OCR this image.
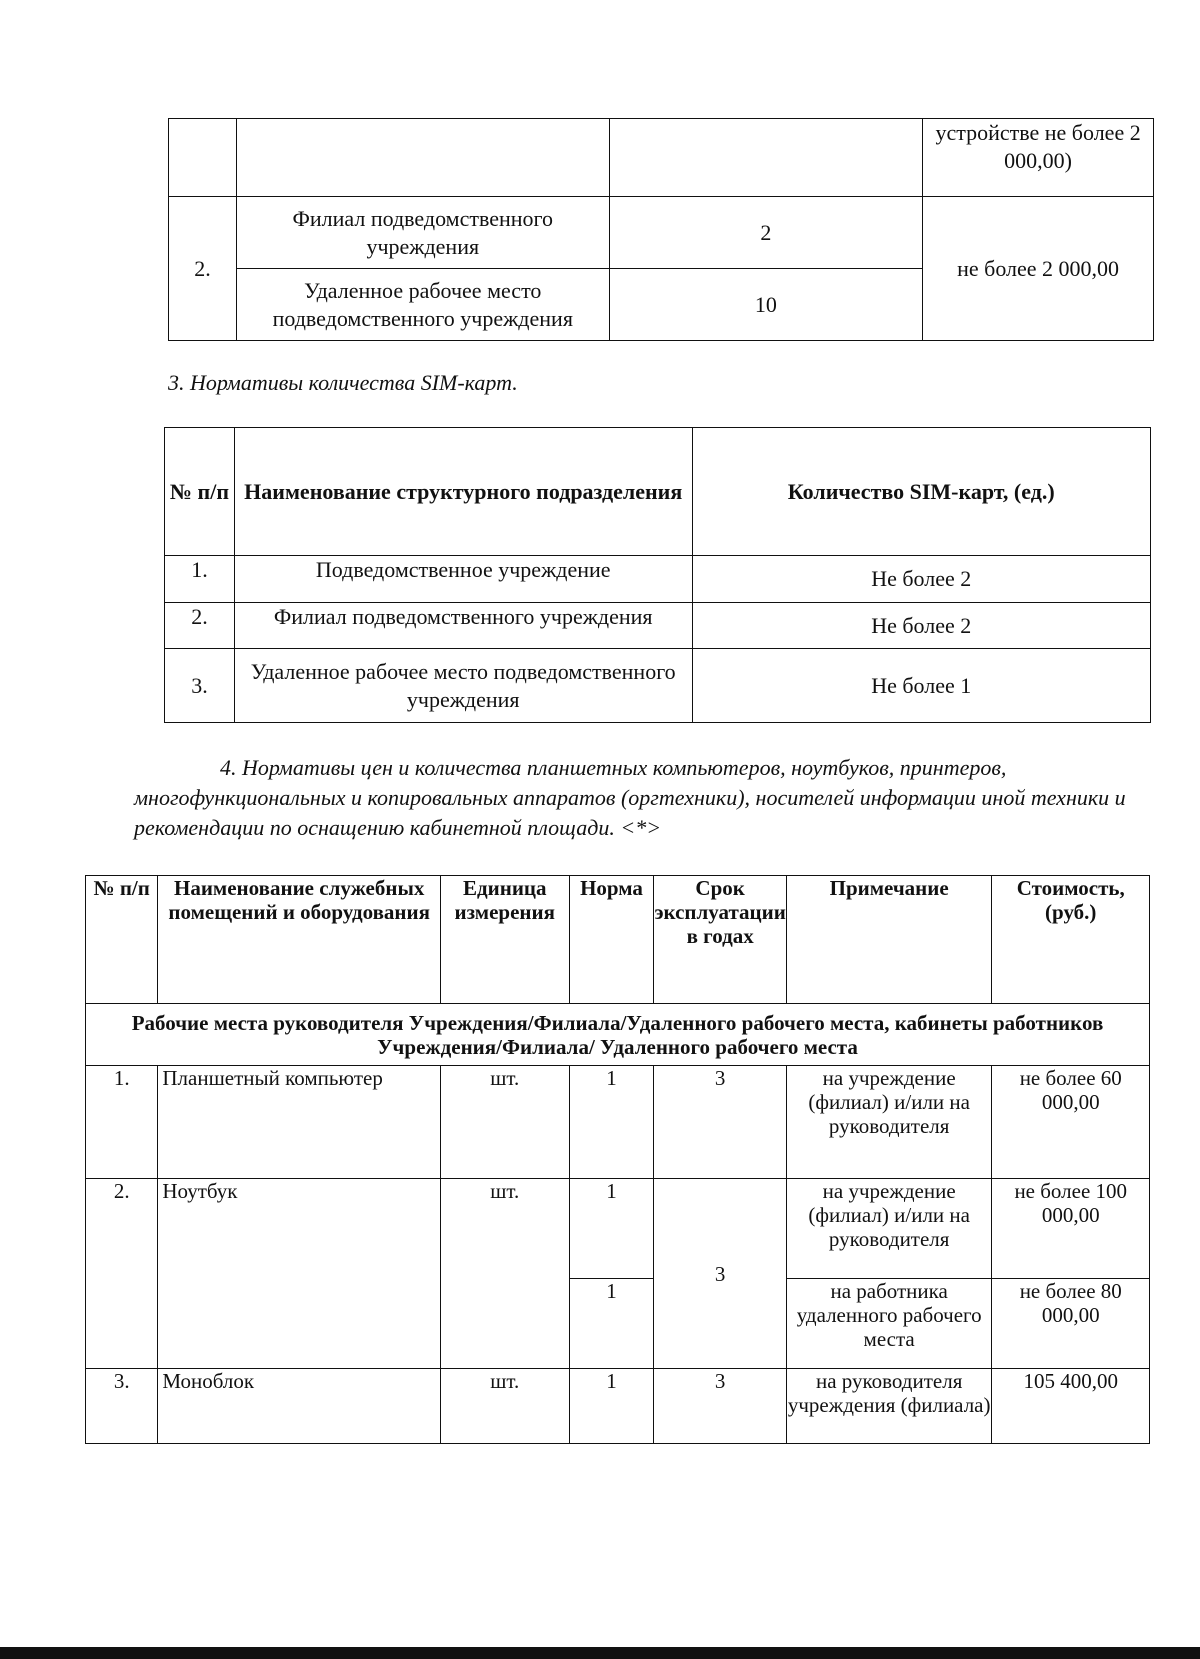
			устройстве не более 2 000,00)
2.	Филиал подведомственного учреждения	2	не более 2 000,00
	Удаленное рабочее место подведомственного учреждения	10	

3. Нормативы количества SIM-карт.

№ п/п	Наименование структурного подразделения	Количество SIM-карт, (ед.)
1.	Подведомственное учреждение	Не более 2
2.	Филиал подведомственного учреждения	Не более 2
3.	Удаленное рабочее место подведомственного учреждения	Не более 1

4. Нормативы цен и количества планшетных компьютеров, ноутбуков, принтеров, многофункциональных и копировальных аппаратов (оргтехники), носителей информации иной техники и рекомендации по оснащению кабинетной площади. <*>

№ п/п	Наименование служебных помещений и оборудования	Единица измерения	Норма	Срок эксплуатации в годах	Примечание	Стоимость, (руб.)
Рабочие места руководителя Учреждения/Филиала/Удаленного рабочего места, кабинеты работников Учреждения/Филиала/ Удаленного рабочего места						
1.	Планшетный компьютер	шт.	1	3	на учреждение (филиал) и/или на руководителя	не более 60 000,00
2.	Ноутбук	шт.	1	3	на учреждение (филиал) и/или на руководителя	не более 100 000,00
			1		на работника удаленного рабочего места	не более 80 000,00
3.	Моноблок	шт.	1	3	на руководителя учреждения (филиала)	105 400,00
